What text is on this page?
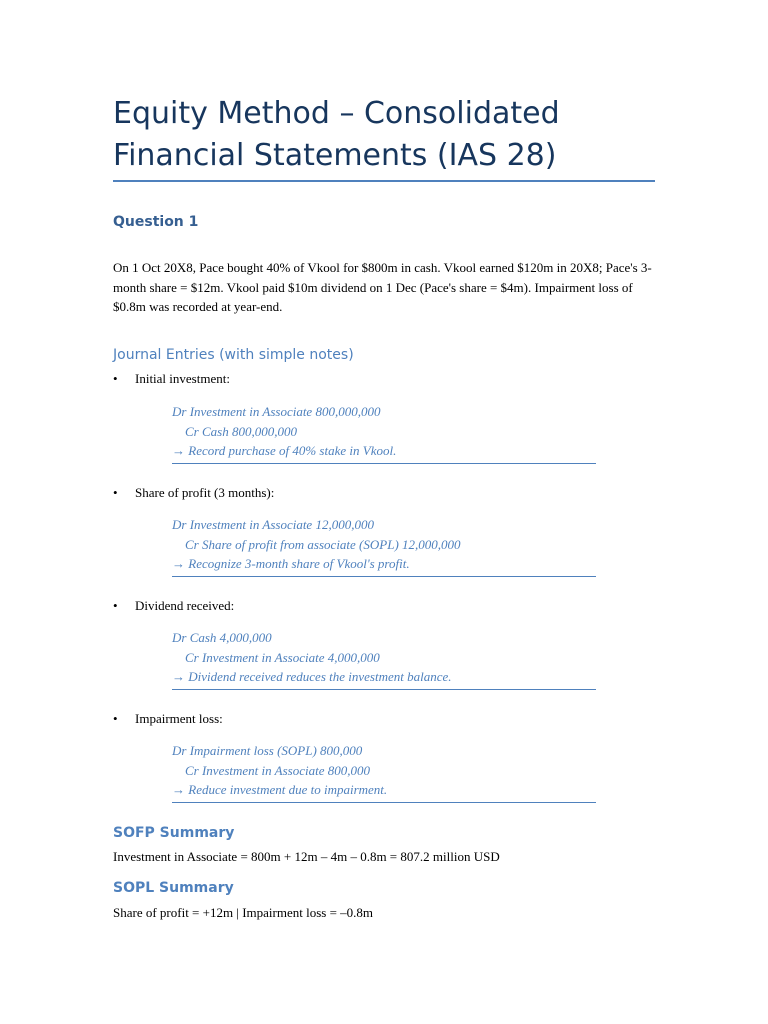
Equity Method – Consolidated Financial Statements (IAS 28)
Question 1

On 1 Oct 20X8, Pace bought 40% of Vkool for $800m in cash. Vkool earned $120m in 20X8; Pace's 3-month share = $12m. Vkool paid $10m dividend on 1 Dec (Pace's share = $4m). Impairment loss of $0.8m was recorded at year-end.

Journal Entries (with simple notes)
• Initial investment:
Dr Investment in Associate 800,000,000
Cr Cash 800,000,000
→ Record purchase of 40% stake in Vkool.
• Share of profit (3 months):
Dr Investment in Associate 12,000,000
Cr Share of profit from associate (SOPL) 12,000,000
→ Recognize 3-month share of Vkool's profit.
• Dividend received:
Dr Cash 4,000,000
Cr Investment in Associate 4,000,000
→ Dividend received reduces the investment balance.
• Impairment loss:
Dr Impairment loss (SOPL) 800,000
Cr Investment in Associate 800,000
→ Reduce investment due to impairment.
SOFP Summary
Investment in Associate = 800m + 12m – 4m – 0.8m = 807.2 million USD
SOPL Summary
Share of profit = +12m | Impairment loss = –0.8m
